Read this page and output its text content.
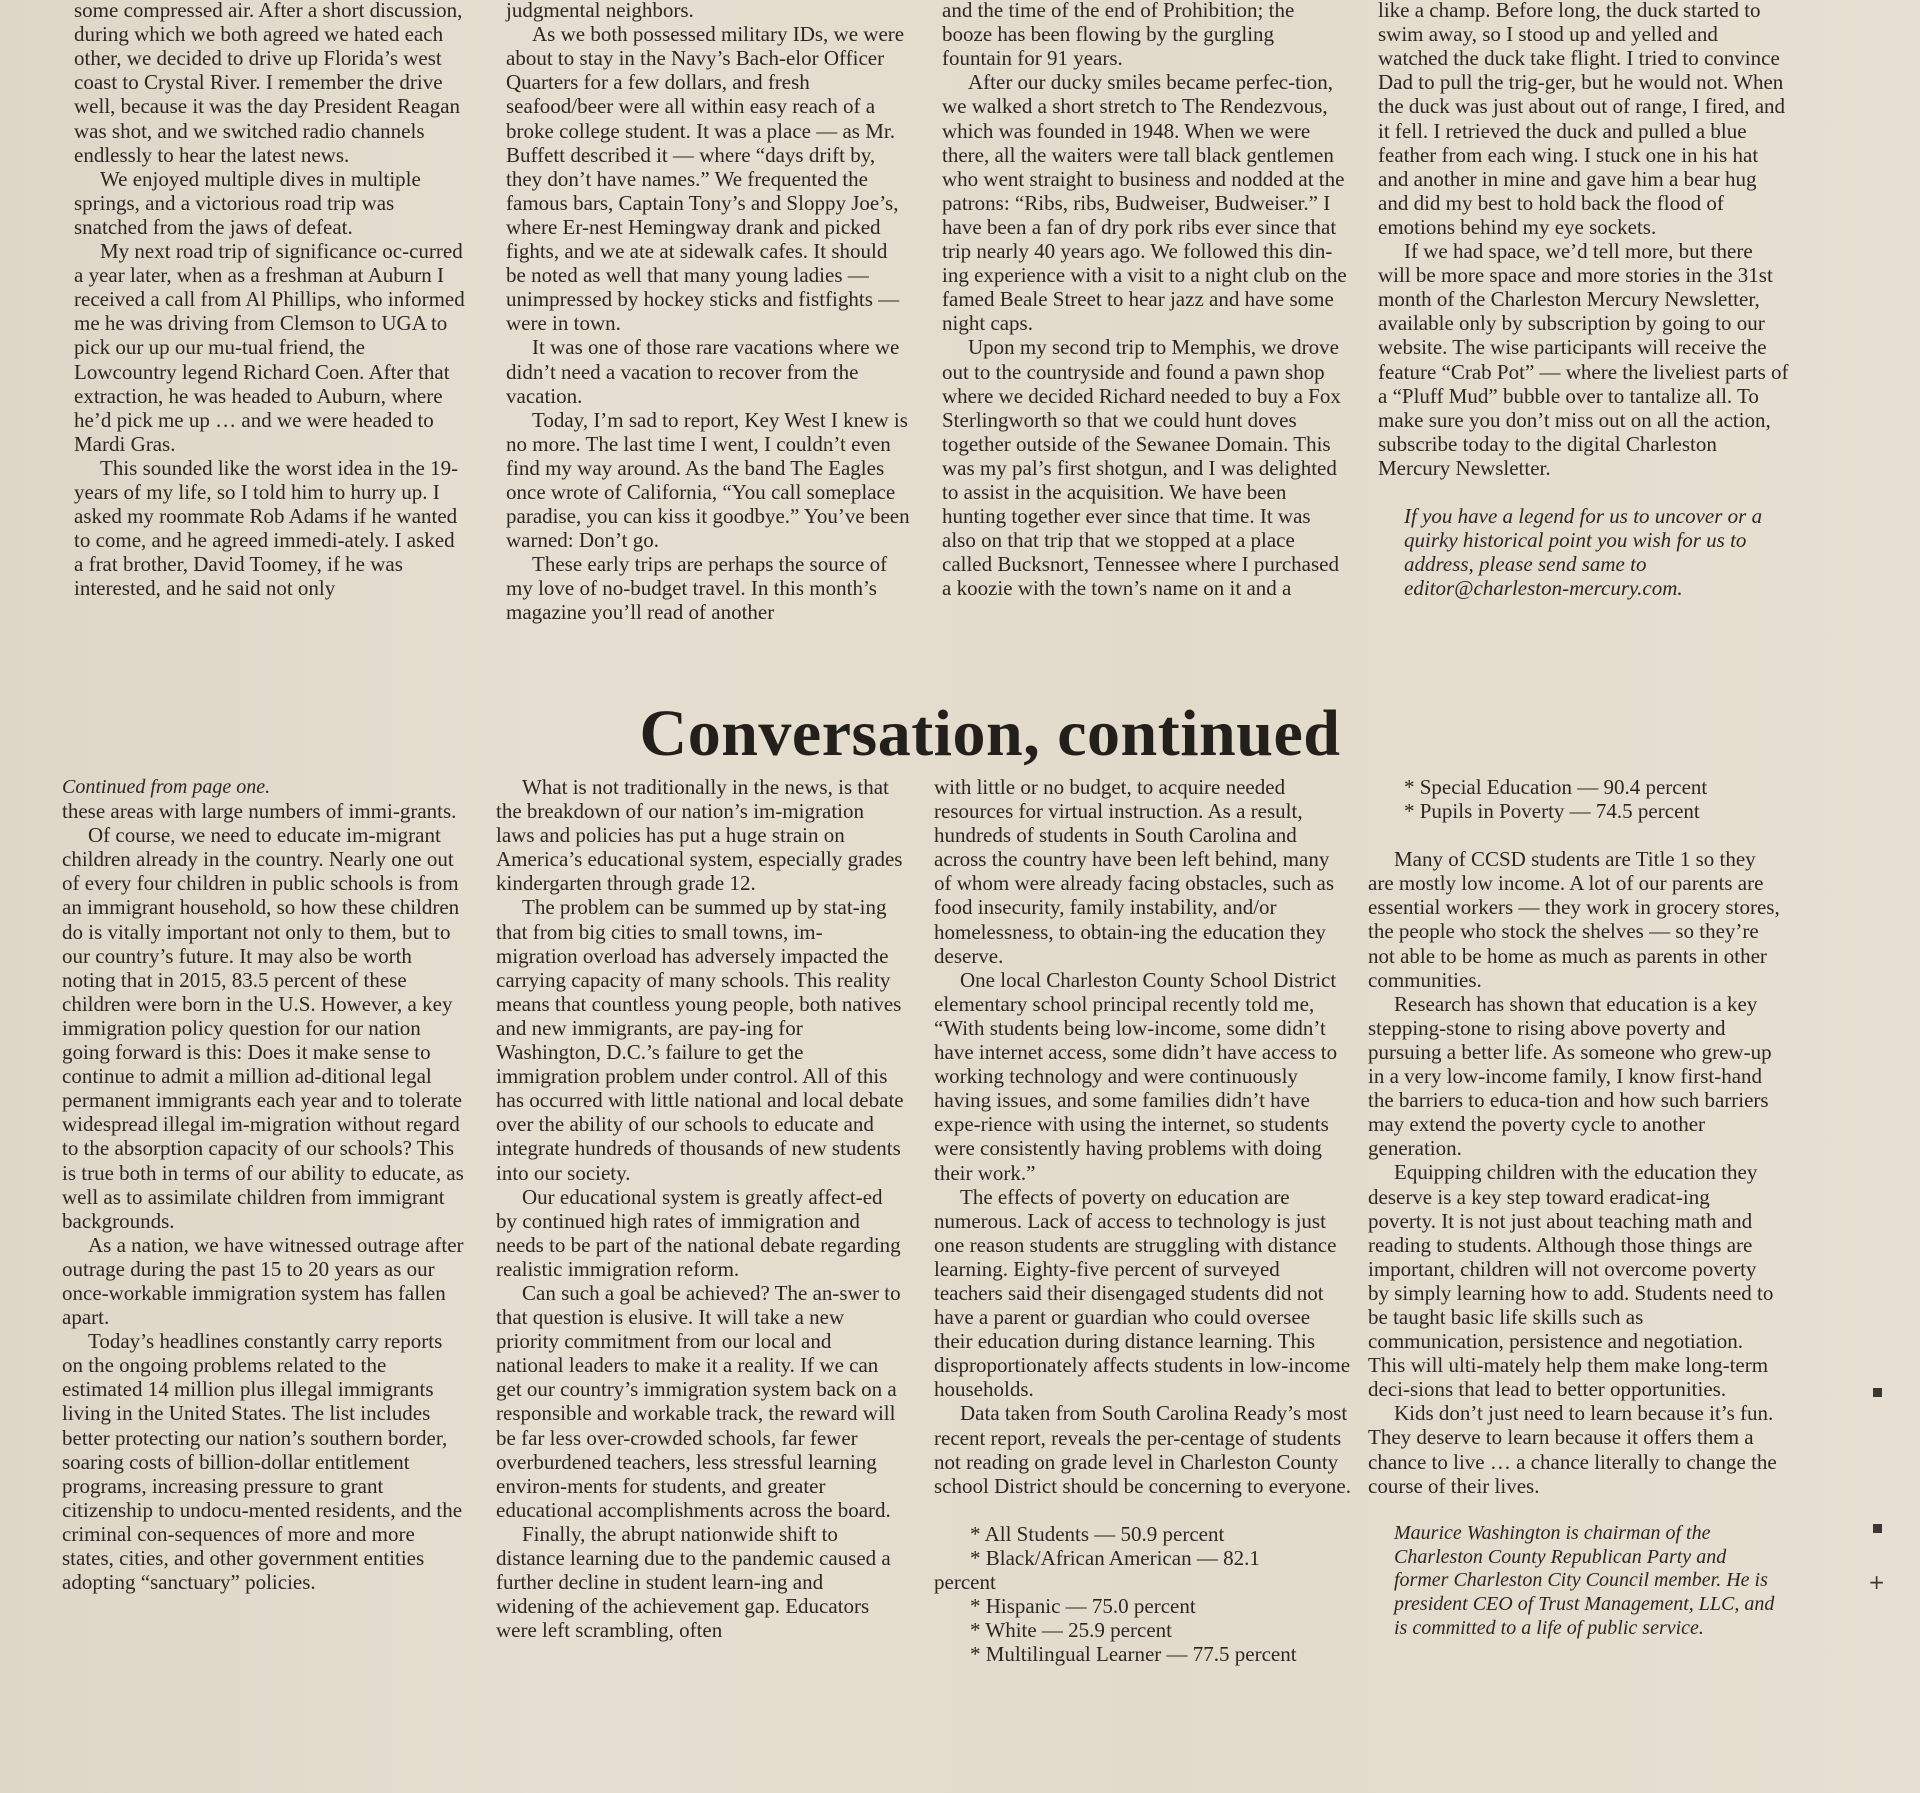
some compressed air. After a short discussion, during which we both agreed we hated each other, we decided to drive up Florida’s west coast to Crystal River. I remember the drive well, because it was the day President Reagan was shot, and we switched radio channels endlessly to hear the latest news.

We enjoyed multiple dives in multiple springs, and a victorious road trip was snatched from the jaws of defeat.

My next road trip of significance oc-curred a year later, when as a freshman at Auburn I received a call from Al Phillips, who informed me he was driving from Clemson to UGA to pick our up our mu-tual friend, the Lowcountry legend Richard Coen. After that extraction, he was headed to Auburn, where he’d pick me up … and we were headed to Mardi Gras.

This sounded like the worst idea in the 19-years of my life, so I told him to hurry up. I asked my roommate Rob Adams if he wanted to come, and he agreed immedi-ately. I asked a frat brother, David Toomey, if he was interested, and he said not only

judgmental neighbors.

As we both possessed military IDs, we were about to stay in the Navy’s Bach-elor Officer Quarters for a few dollars, and fresh seafood/beer were all within easy reach of a broke college student. It was a place — as Mr. Buffett described it — where “days drift by, they don’t have names.” We frequented the famous bars, Captain Tony’s and Sloppy Joe’s, where Er-nest Hemingway drank and picked fights, and we ate at sidewalk cafes. It should be noted as well that many young ladies — unimpressed by hockey sticks and fistfights — were in town.

It was one of those rare vacations where we didn’t need a vacation to recover from the vacation.

Today, I’m sad to report, Key West I knew is no more. The last time I went, I couldn’t even find my way around. As the band The Eagles once wrote of California, “You call someplace paradise, you can kiss it goodbye.” You’ve been warned: Don’t go.

These early trips are perhaps the source of my love of no-budget travel. In this month’s magazine you’ll read of another

and the time of the end of Prohibition; the booze has been flowing by the gurgling fountain for 91 years.

After our ducky smiles became perfec-tion, we walked a short stretch to The Rendezvous, which was founded in 1948. When we were there, all the waiters were tall black gentlemen who went straight to business and nodded at the patrons: “Ribs, ribs, Budweiser, Budweiser.” I have been a fan of dry pork ribs ever since that trip nearly 40 years ago. We followed this din-ing experience with a visit to a night club on the famed Beale Street to hear jazz and have some night caps.

Upon my second trip to Memphis, we drove out to the countryside and found a pawn shop where we decided Richard needed to buy a Fox Sterlingworth so that we could hunt doves together outside of the Sewanee Domain. This was my pal’s first shotgun, and I was delighted to assist in the acquisition. We have been hunting together ever since that time. It was also on that trip that we stopped at a place called Bucksnort, Tennessee where I purchased a koozie with the town’s name on it and a

like a champ. Before long, the duck started to swim away, so I stood up and yelled and watched the duck take flight. I tried to convince Dad to pull the trig-ger, but he would not. When the duck was just about out of range, I fired, and it fell. I retrieved the duck and pulled a blue feather from each wing. I stuck one in his hat and another in mine and gave him a bear hug and did my best to hold back the flood of emotions behind my eye sockets.

If we had space, we’d tell more, but there will be more space and more stories in the 31st month of the Charleston Mercury Newsletter, available only by subscription by going to our website. The wise participants will receive the feature “Crab Pot” — where the liveliest parts of a “Pluff Mud” bubble over to tantalize all. To make sure you don’t miss out on all the action, subscribe today to the digital Charleston Mercury Newsletter.

If you have a legend for us to uncover or a quirky historical point you wish for us to address, please send same to editor@charleston-mercury.com.

Conversation, continued

Continued from page one.

these areas with large numbers of immi-grants.

Of course, we need to educate im-migrant children already in the country. Nearly one out of every four children in public schools is from an immigrant household, so how these children do is vitally important not only to them, but to our country’s future. It may also be worth noting that in 2015, 83.5 percent of these children were born in the U.S. However, a key immigration policy question for our nation going forward is this: Does it make sense to continue to admit a million ad-ditional legal permanent immigrants each year and to tolerate widespread illegal im-migration without regard to the absorption capacity of our schools? This is true both in terms of our ability to educate, as well as to assimilate children from immigrant backgrounds.

As a nation, we have witnessed outrage after outrage during the past 15 to 20 years as our once-workable immigration system has fallen apart.

Today’s headlines constantly carry reports on the ongoing problems related to the estimated 14 million plus illegal immigrants living in the United States. The list includes better protecting our nation’s southern border, soaring costs of billion-dollar entitlement programs, increasing pressure to grant citizenship to undocu-mented residents, and the criminal con-sequences of more and more states, cities, and other government entities adopting “sanctuary” policies.

What is not traditionally in the news, is that the breakdown of our nation’s im-migration laws and policies has put a huge strain on America’s educational system, especially grades kindergarten through grade 12.

The problem can be summed up by stat-ing that from big cities to small towns, im-migration overload has adversely impacted the carrying capacity of many schools. This reality means that countless young people, both natives and new immigrants, are pay-ing for Washington, D.C.’s failure to get the immigration problem under control. All of this has occurred with little national and local debate over the ability of our schools to educate and integrate hundreds of thousands of new students into our society.

Our educational system is greatly affect-ed by continued high rates of immigration and needs to be part of the national debate regarding realistic immigration reform.

Can such a goal be achieved? The an-swer to that question is elusive. It will take a new priority commitment from our local and national leaders to make it a reality. If we can get our country’s immigration system back on a responsible and workable track, the reward will be far less over-crowded schools, far fewer overburdened teachers, less stressful learning environ-ments for students, and greater educational accomplishments across the board.

Finally, the abrupt nationwide shift to distance learning due to the pandemic caused a further decline in student learn-ing and widening of the achievement gap. Educators were left scrambling, often

with little or no budget, to acquire needed resources for virtual instruction. As a result, hundreds of students in South Carolina and across the country have been left behind, many of whom were already facing obstacles, such as food insecurity, family instability, and/or homelessness, to obtain-ing the education they deserve.

One local Charleston County School District elementary school principal recently told me, “With students being low-income, some didn’t have internet access, some didn’t have access to working technology and were continuously having issues, and some families didn’t have expe-rience with using the internet, so students were consistently having problems with doing their work.”

The effects of poverty on education are numerous. Lack of access to technology is just one reason students are struggling with distance learning. Eighty-five percent of surveyed teachers said their disengaged students did not have a parent or guardian who could oversee their education during distance learning. This disproportionately affects students in low-income households.

Data taken from South Carolina Ready’s most recent report, reveals the per-centage of students not reading on grade level in Charleston County school District should be concerning to everyone.

* All Students — 50.9 percent

* Black/African American — 82.1

percent

* Hispanic — 75.0 percent

* White — 25.9 percent

* Multilingual Learner — 77.5 percent

* Special Education — 90.4 percent

* Pupils in Poverty — 74.5 percent

Many of CCSD students are Title 1 so they are mostly low income. A lot of our parents are essential workers — they work in grocery stores, the people who stock the shelves — so they’re not able to be home as much as parents in other communities.

Research has shown that education is a key stepping-stone to rising above poverty and pursuing a better life. As someone who grew-up in a very low-income family, I know first-hand the barriers to educa-tion and how such barriers may extend the poverty cycle to another generation.

Equipping children with the education they deserve is a key step toward eradicat-ing poverty. It is not just about teaching math and reading to students. Although those things are important, children will not overcome poverty by simply learning how to add. Students need to be taught basic life skills such as communication, persistence and negotiation. This will ulti-mately help them make long-term deci-sions that lead to better opportunities.

Kids don’t just need to learn because it’s fun. They deserve to learn because it offers them a chance to live … a chance literally to change the course of their lives.

Maurice Washington is chairman of the Charleston County Republican Party and former Charleston City Council member. He is president CEO of Trust Management, LLC, and is committed to a life of public service.

+
